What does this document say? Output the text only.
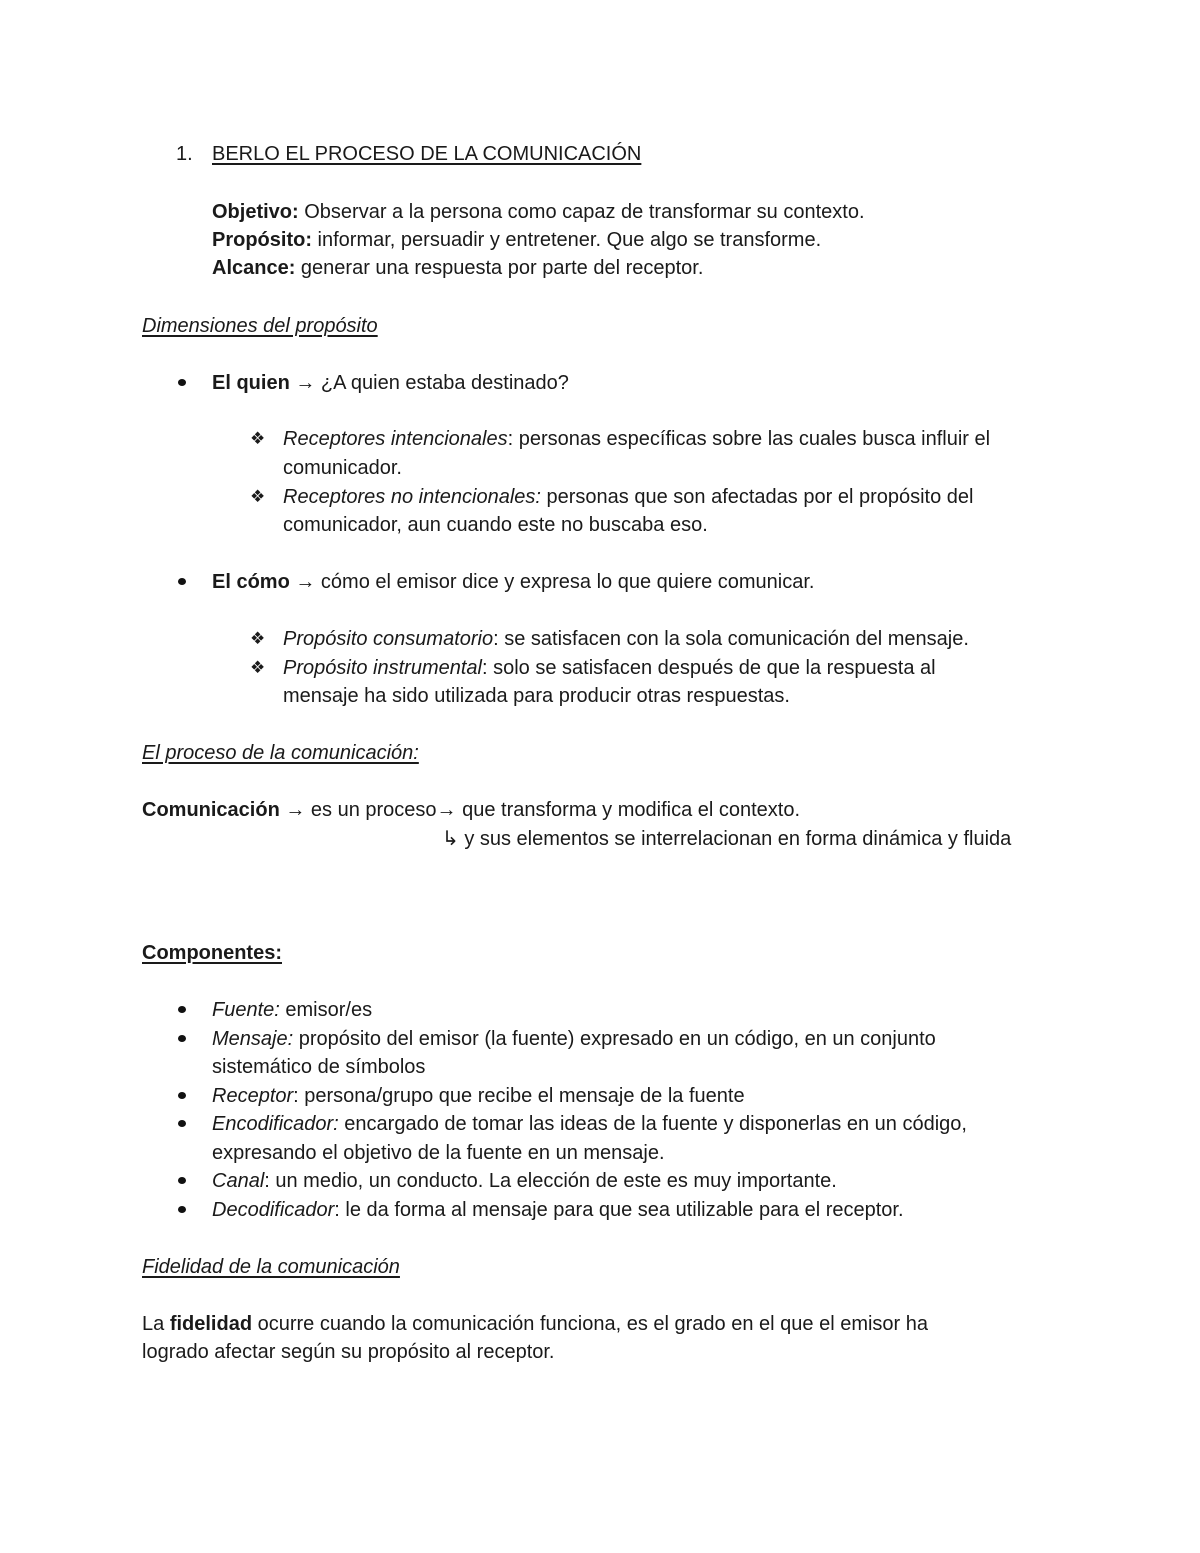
1. BERLO EL PROCESO DE LA COMUNICACIÓN
Objetivo: Observar a la persona como capaz de transformar su contexto.
Propósito: informar, persuadir y entretener. Que algo se transforme.
Alcance: generar una respuesta por parte del receptor.
Dimensiones del propósito
El quien → ¿A quien estaba destinado?
❖ Receptores intencionales: personas específicas sobre las cuales busca influir el
comunicador.
❖ Receptores no intencionales: personas que son afectadas por el propósito del
comunicador, aun cuando este no buscaba eso.
El cómo → cómo el emisor dice y expresa lo que quiere comunicar.
❖ Propósito consumatorio: se satisfacen con la sola comunicación del mensaje.
❖ Propósito instrumental: solo se satisfacen después de que la respuesta al
mensaje ha sido utilizada para producir otras respuestas.
El proceso de la comunicación:
Comunicación → es un proceso→ que transforma y modifica el contexto.
↳ y sus elementos se interrelacionan en forma dinámica y fluida
Componentes:
Fuente: emisor/es
Mensaje: propósito del emisor (la fuente) expresado en un código, en un conjunto
sistemático de símbolos
Receptor: persona/grupo que recibe el mensaje de la fuente
Encodificador: encargado de tomar las ideas de la fuente y disponerlas en un código,
expresando el objetivo de la fuente en un mensaje.
Canal: un medio, un conducto. La elección de este es muy importante.
Decodificador: le da forma al mensaje para que sea utilizable para el receptor.
Fidelidad de la comunicación
La fidelidad ocurre cuando la comunicación funciona, es el grado en el que el emisor ha
logrado afectar según su propósito al receptor.
